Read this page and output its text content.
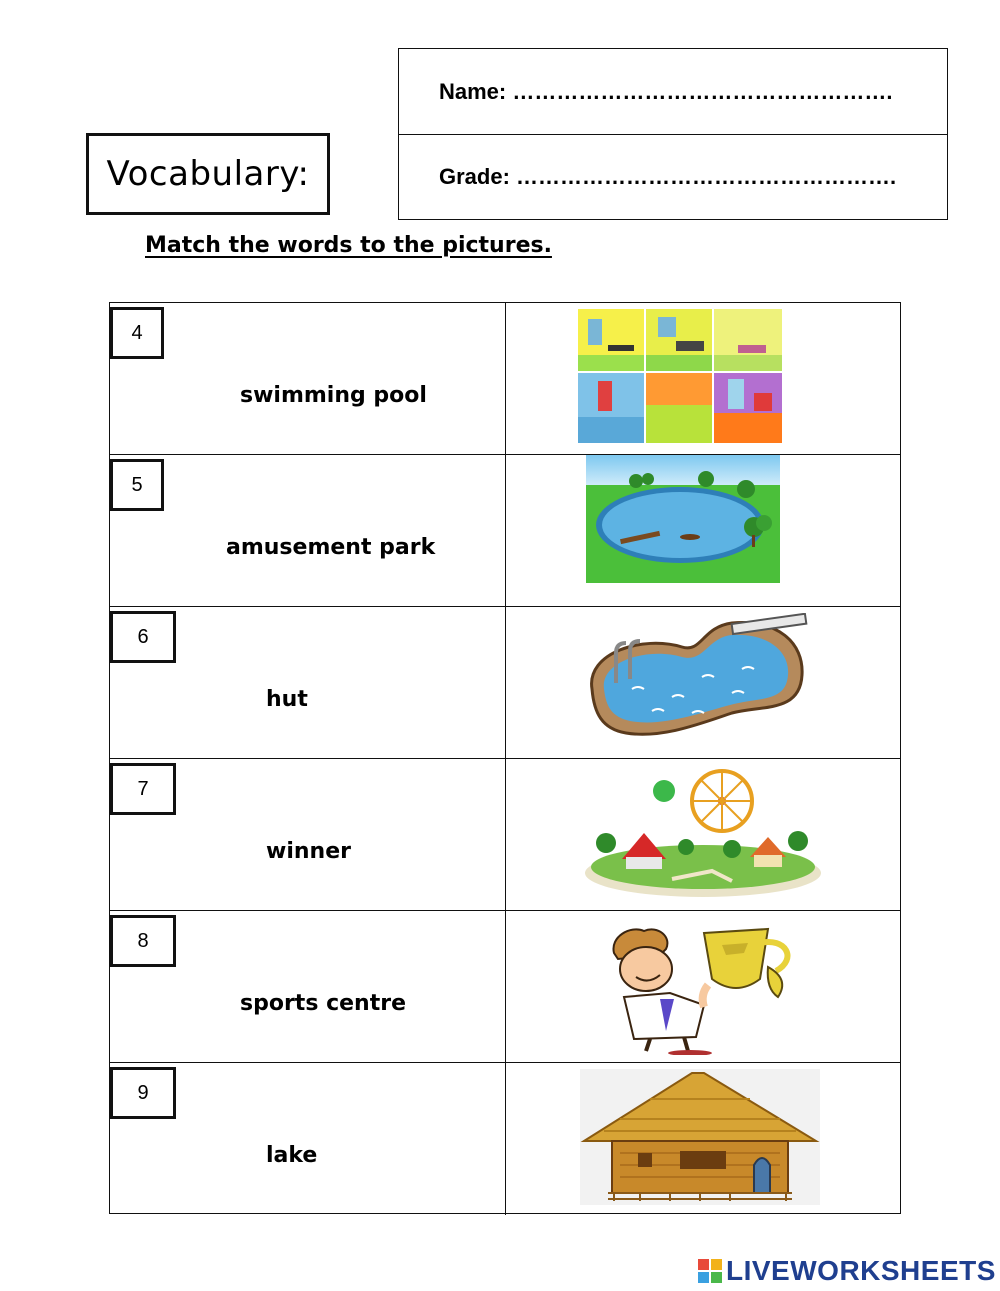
Vocabulary:
Name: …………………………………………….
Grade: …………………………………………….
Match the words to the pictures.
4
swimming pool
5
amusement park
6
hut
7
winner
8
sports centre
9
lake
LIVEWORKSHEETS
